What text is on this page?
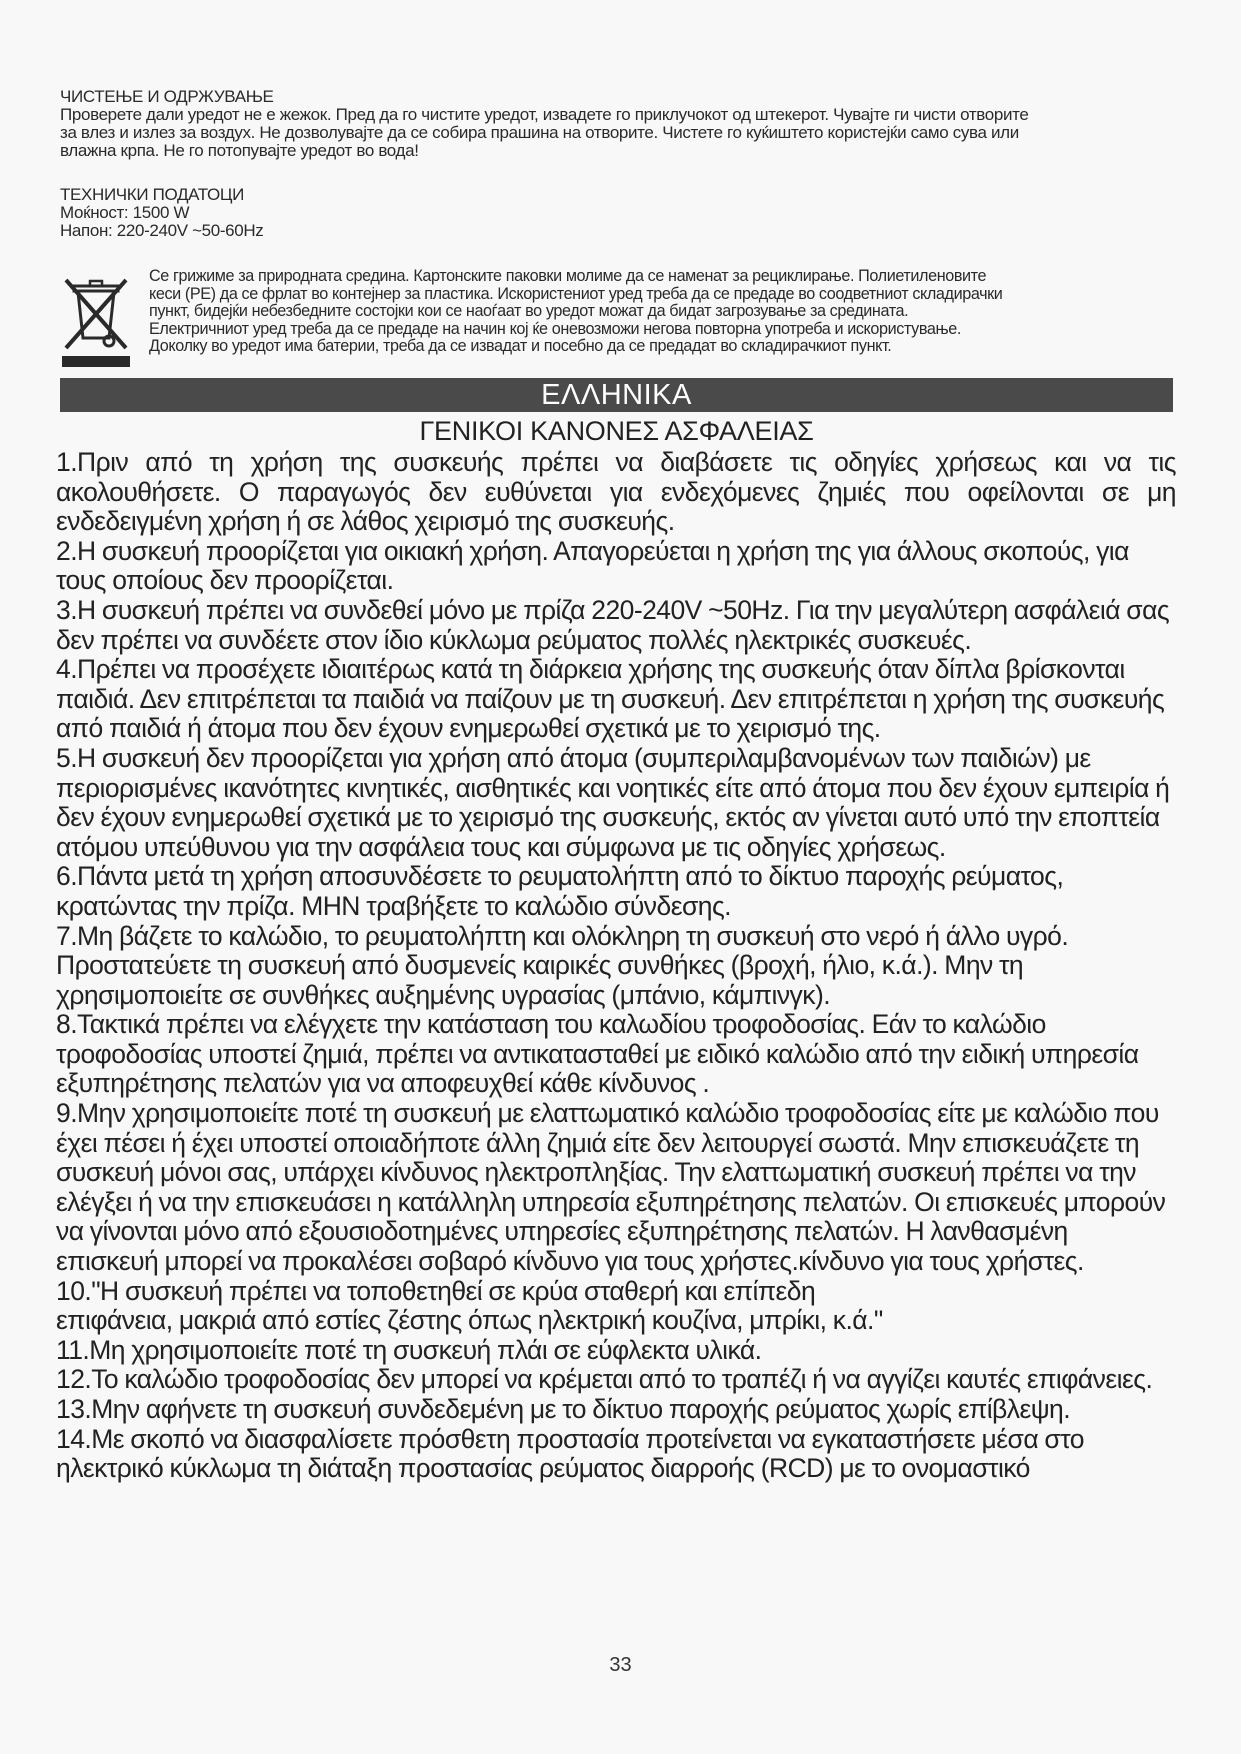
ЧИСТЕЊЕ И ОДРЖУВАЊЕ

Проверете дали уредот не е жежок. Пред да го чистите уредот, извадете го приклучокот од штекерот. Чувајте ги чисти отворите

за влез и излез за воздух. Не дозволувајте да се собира прашина на отворите. Чистете го куќиштето користејќи само сува или

влажна крпа. Не го потопувајте уредот во вода!

ТЕХНИЧКИ ПОДАТОЦИ

Моќност: 1500 W

Напон: 220-240V ~50-60Hz

Се грижиме за природната средина. Картонските паковки молиме да се наменат за рециклирање. Полиетиленовите

кеси (PE) да се фрлат во контејнер за пластика. Искористениот уред треба да се предаде во соодветниот складирачки

пункт, бидејќи небезбедните состојки кои се наоѓаат во уредот можат да бидат загрозување за средината.

Електричниот уред треба да се предаде на начин кој ќе оневозможи негова повторна употреба и искористување.

Доколку во уредот има батерии, треба да се извадат и посебно да се предадат во складирачкиот пункт.

ΕΛΛΗΝΙΚΑ
ΓΕΝΙΚΟΙ ΚΑΝΟΝΕΣ ΑΣΦΑΛΕΙΑΣ

1.Πριν από τη χρήση της συσκευής πρέπει να διαβάσετε τις οδηγίες χρήσεως και να τις ακολουθήσετε. Ο παραγωγός δεν ευθύνεται για ενδεχόμενες ζημιές που οφείλονται σε μη ενδεδειγμένη χρήση ή σε λάθος χειρισμό της συσκευής.

2.Η συσκευή προορίζεται για οικιακή χρήση. Απαγορεύεται η χρήση της για άλλους σκοπούς, για τους οποίους δεν προορίζεται.

3.Η συσκευή πρέπει να συνδεθεί μόνο με πρίζα 220-240V ~50Hz. Για την μεγαλύτερη ασφάλειά σας δεν πρέπει να συνδέετε στον ίδιο κύκλωμα ρεύματος πολλές ηλεκτρικές συσκευές.

4.Πρέπει να προσέχετε ιδιαιτέρως κατά τη διάρκεια χρήσης της συσκευής όταν δίπλα βρίσκονται παιδιά. Δεν επιτρέπεται τα παιδιά να παίζουν με τη συσκευή. Δεν επιτρέπεται η χρήση της συσκευής από παιδιά ή άτομα που δεν έχουν ενημερωθεί σχετικά με το χειρισμό της.

5.Η συσκευή δεν προορίζεται για χρήση από άτομα (συμπεριλαμβανομένων των παιδιών) με περιορισμένες ικανότητες κινητικές, αισθητικές και νοητικές είτε από άτομα που δεν έχουν εμπειρία ή δεν έχουν ενημερωθεί σχετικά με το χειρισμό της συσκευής, εκτός αν γίνεται αυτό υπό την εποπτεία ατόμου υπεύθυνου για την ασφάλεια τους και σύμφωνα με τις οδηγίες χρήσεως.

6.Πάντα μετά τη χρήση αποσυνδέσετε το ρευματολήπτη από το δίκτυο παροχής ρεύματος, κρατώντας την πρίζα. ΜΗΝ τραβήξετε το καλώδιο σύνδεσης.

7.Μη βάζετε το καλώδιο, το ρευματολήπτη και ολόκληρη τη συσκευή στο νερό ή άλλο υγρό. Προστατεύετε τη συσκευή από δυσμενείς καιρικές συνθήκες (βροχή, ήλιο, κ.ά.). Μην τη χρησιμοποιείτε σε συνθήκες αυξημένης υγρασίας (μπάνιο, κάμπινγκ).

8.Τακτικά πρέπει να ελέγχετε την κατάσταση του καλωδίου τροφοδοσίας. Εάν το καλώδιο τροφοδοσίας υποστεί ζημιά, πρέπει να αντικατασταθεί με ειδικό καλώδιο από την ειδική υπηρεσία εξυπηρέτησης πελατών για να αποφευχθεί κάθε κίνδυνος .

9.Μην χρησιμοποιείτε ποτέ τη συσκευή με ελαττωματικό καλώδιο τροφοδοσίας είτε με καλώδιο που έχει πέσει ή έχει υποστεί οποιαδήποτε άλλη ζημιά είτε δεν λειτουργεί σωστά. Μην επισκευάζετε τη συσκευή μόνοι σας, υπάρχει κίνδυνος ηλεκτροπληξίας. Την ελαττωματική συσκευή πρέπει να την ελέγξει ή να την επισκευάσει η κατάλληλη υπηρεσία εξυπηρέτησης πελατών. Οι επισκευές μπορούν να γίνονται μόνο από εξουσιοδοτημένες υπηρεσίες εξυπηρέτησης πελατών. Η λανθασμένη επισκευή μπορεί να προκαλέσει σοβαρό κίνδυνο για τους χρήστες.κίνδυνο για τους χρήστες.

10."Η συσκευή πρέπει να τοποθετηθεί σε κρύα σταθερή και επίπεδη

επιφάνεια, μακριά από εστίες ζέστης όπως ηλεκτρική κουζίνα, μπρίκι, κ.ά."

11.Μη χρησιμοποιείτε ποτέ τη συσκευή πλάι σε εύφλεκτα υλικά.

12.Το καλώδιο τροφοδοσίας δεν μπορεί να κρέμεται από το τραπέζι ή να αγγίζει καυτές επιφάνειες.

13.Μην αφήνετε τη συσκευή συνδεδεμένη με το δίκτυο παροχής ρεύματος χωρίς επίβλεψη.

14.Με σκοπό να διασφαλίσετε πρόσθετη προστασία προτείνεται να εγκαταστήσετε μέσα στο ηλεκτρικό κύκλωμα τη διάταξη προστασίας ρεύματος διαρροής (RCD) με το ονομαστικό

33
